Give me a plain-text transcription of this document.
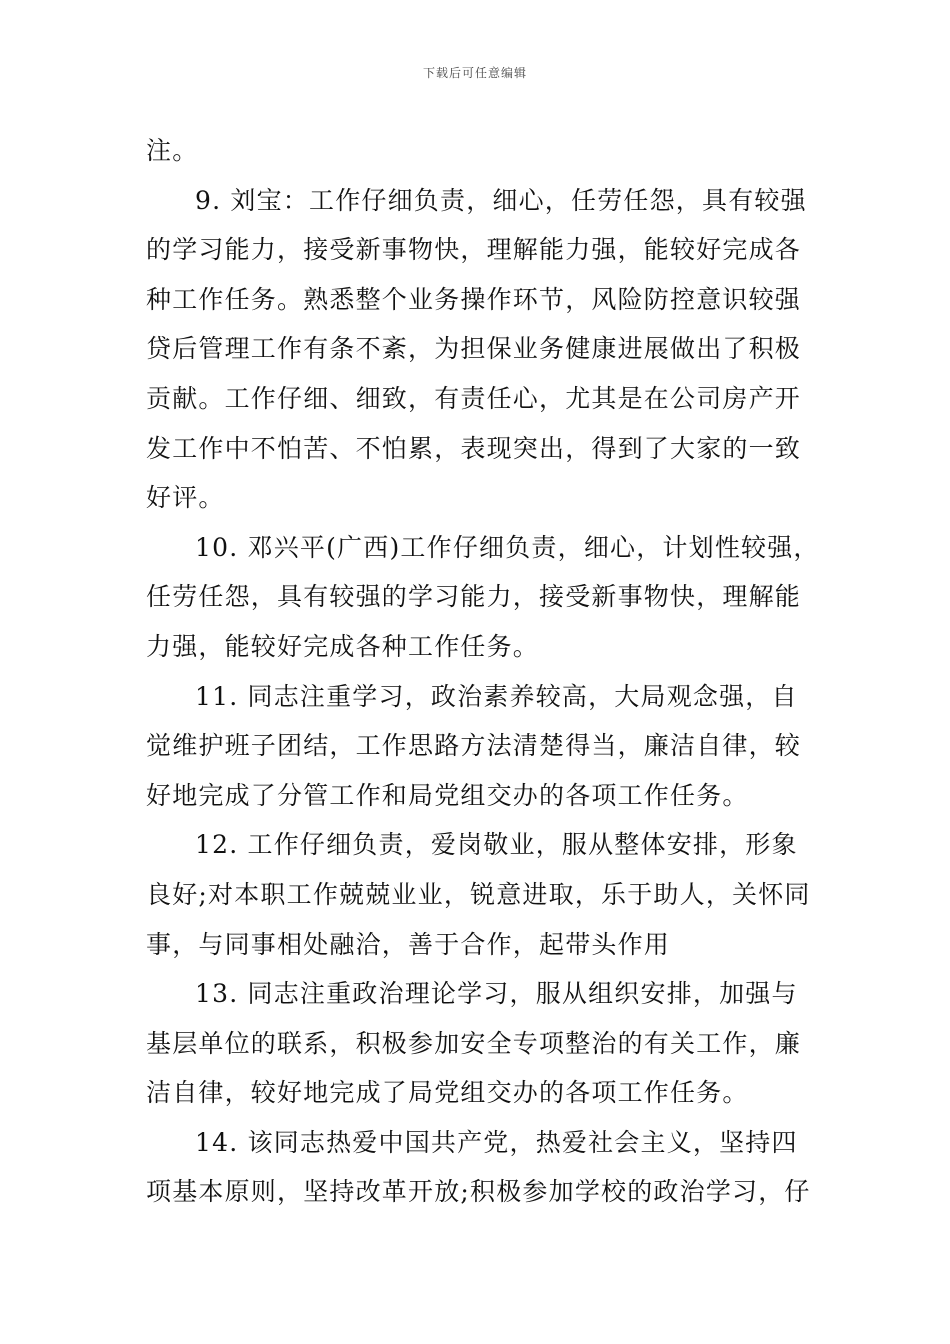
下载后可任意编辑
注。
9. 刘宝：工作仔细负责，细心，任劳任怨，具有较强
的学习能力，接受新事物快，理解能力强，能较好完成各
种工作任务。熟悉整个业务操作环节，风险防控意识较强
贷后管理工作有条不紊，为担保业务健康进展做出了积极
贡献。工作仔细、细致，有责任心，尤其是在公司房产开
发工作中不怕苦、不怕累，表现突出，得到了大家的一致
好评。
10. 邓兴平(广西)工作仔细负责，细心，计划性较强，
任劳任怨，具有较强的学习能力，接受新事物快，理解能
力强，能较好完成各种工作任务。
11. 同志注重学习，政治素养较高，大局观念强，自
觉维护班子团结，工作思路方法清楚得当，廉洁自律，较
好地完成了分管工作和局党组交办的各项工作任务。
12. 工作仔细负责，爱岗敬业，服从整体安排，形象
良好;对本职工作兢兢业业，锐意进取，乐于助人，关怀同
事，与同事相处融洽，善于合作，起带头作用
13. 同志注重政治理论学习，服从组织安排，加强与
基层单位的联系，积极参加安全专项整治的有关工作，廉
洁自律，较好地完成了局党组交办的各项工作任务。
14. 该同志热爱中国共产党，热爱社会主义，坚持四
项基本原则，坚持改革开放;积极参加学校的政治学习，仔
